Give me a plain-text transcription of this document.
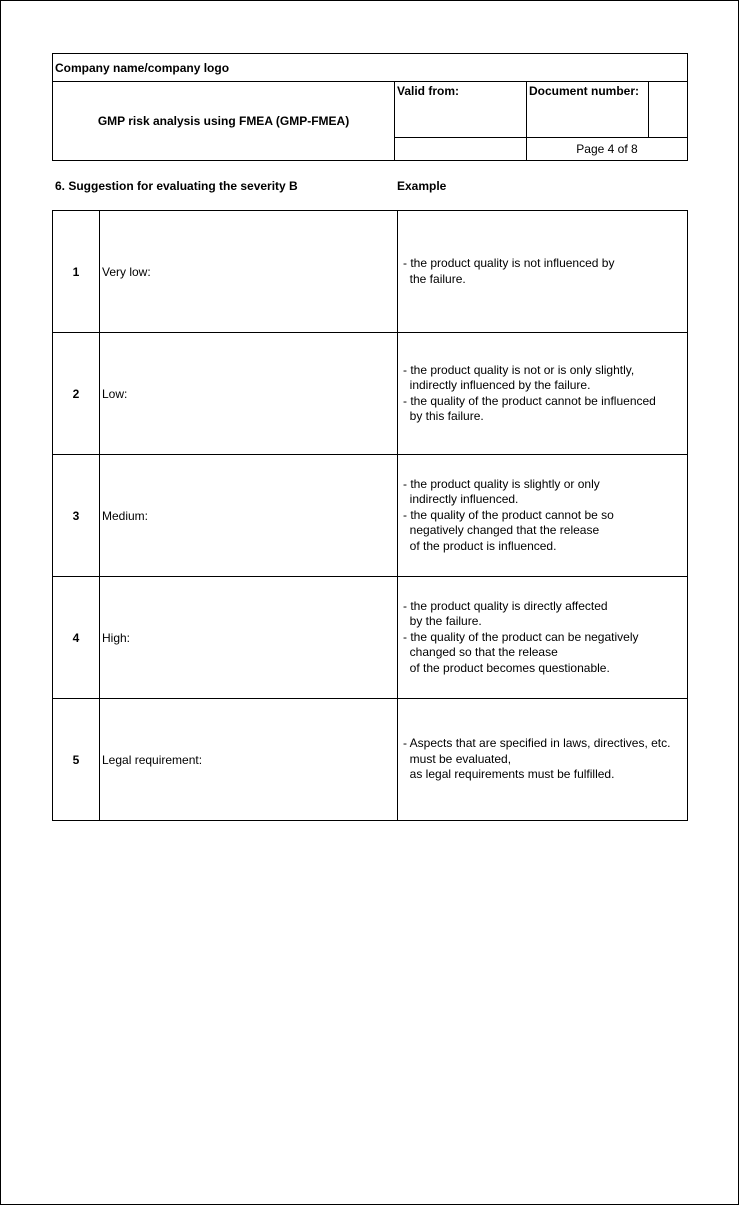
Company name/company logo
GMP risk analysis using FMEA (GMP-FMEA)
Valid from:	Document number:
Page 4 of 8
6. Suggestion for evaluating the severity B	Example
1	Very low:	- the product quality is not influenced by
the failure.

2	Low:	- the product quality is not or is only slightly,
indirectly influenced by the failure.
- the quality of the product cannot be influenced
by this failure.

3	Medium:	- the product quality is slightly or only
indirectly influenced.
- the quality of the product cannot be so
negatively changed that the release
of the product is influenced.

4	High:	- the product quality is directly affected
by the failure.
- the quality of the product can be negatively
changed so that the release
of the product becomes questionable.

5	Legal requirement:	- Aspects that are specified in laws, directives, etc.
must be evaluated,
as legal requirements must be fulfilled.
